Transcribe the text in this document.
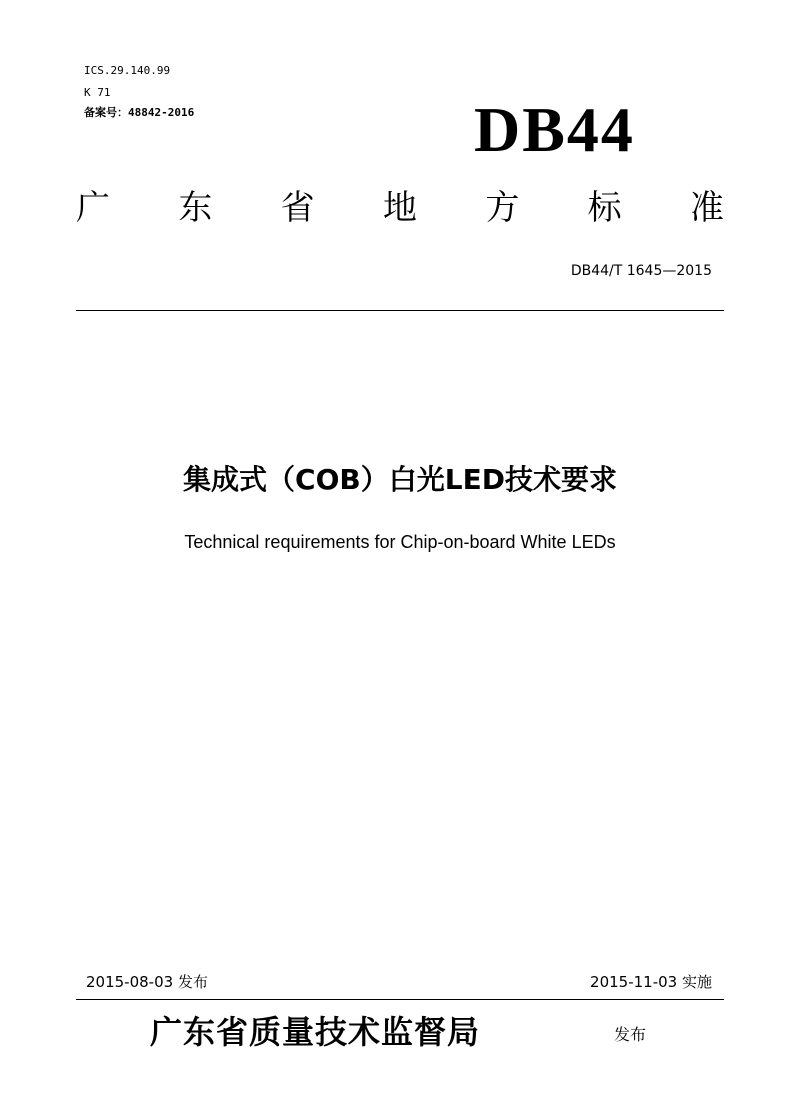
ICS.29.140.99
K 71
备案号：48842-2016	DB44
广 东 省 地 方 标 准
DB44/T 1645—2015
集成式（COB）白光LED技术要求
Technical requirements for Chip-on-board White LEDs
2015-08-03 发布	2015-11-03 实施
广东省质量技术监督局	发布
